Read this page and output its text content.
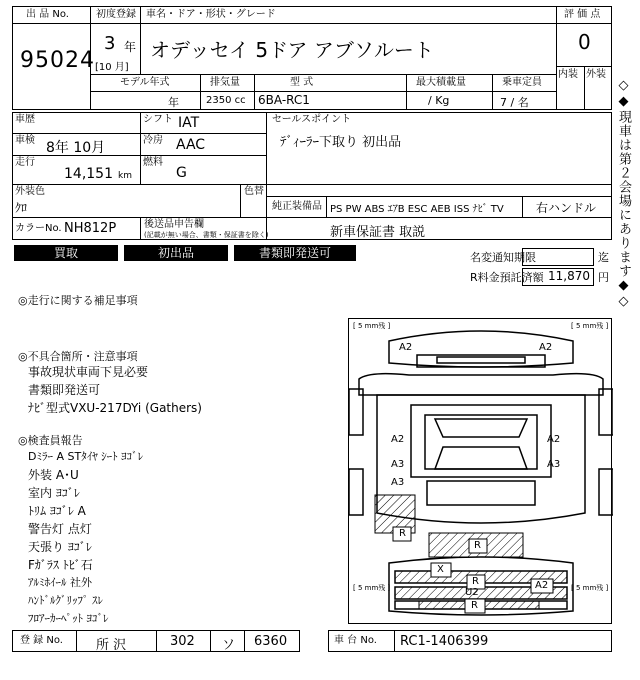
出 品 No.
95024
初度登録
3 年
[10 月]
車名・ドア・形状・グレード
オデッセイ 5ドア アブソルート
評 価 点
0
内装 外装
モデル年式
年
排気量
2350 cc
型 式
6BA-RC1
最大積載量
/ Kg
乗車定員
7 / 名
車歴	シフト IAT
車検 8年 10月	冷房 AAC
走行
14,151 km
燃料
G
外装色
ｸﾛ
色替
カラーNo. NH812P	後送品申告欄
(記載が無い場合、書類・保証書を除く)
セールスポイント
ﾃﾞｨｰﾗｰ下取り 初出品
純正装備品 PS PW ABS ｴｱB ESC AEB ISS ﾅﾋﾞ TV	右ハンドル
新車保証書 取説
買取	初出品	書類即発送可	名変通知期限	迄
R料金預託済額 11,870 円
◎走行に関する補足事項
◎不具合箇所・注意事項
事故現状車両下見必要
書類即発送可
ﾅﾋﾞ型式VXU-217DYi (Gathers)
◎検査員報告
Dﾐﾗｰ A STﾀｲﾔ ｼｰﾄ ﾖｺﾞﾚ
外装 A･U
室内 ﾖｺﾞﾚ
ﾄﾘﾑ ﾖｺﾞﾚ A
警告灯 点灯
天張り ﾖｺﾞﾚ
Fｶﾞﾗｽ ﾄﾋﾞ石
ｱﾙﾐﾎｲｰﾙ 社外
ﾊﾝﾄﾞﾙｸﾞﾘｯﾌﾟ ｽﾚ
ﾌﾛｱｰｶｰﾍﾟｯﾄ ﾖｺﾞﾚ
[ 5 mm残 ]	[ 5 mm残 ]
[ 5 mm残 ]	[ 5 mm残 ]
A2	A2
A2
A3
A3
A2
A3
R
R
X
R
U2
A2
R
◇◆現車は第２会場にあります◆◇
登 録 No.	所 沢	302 ソ 6360	車 台 No. RC1-1406399
